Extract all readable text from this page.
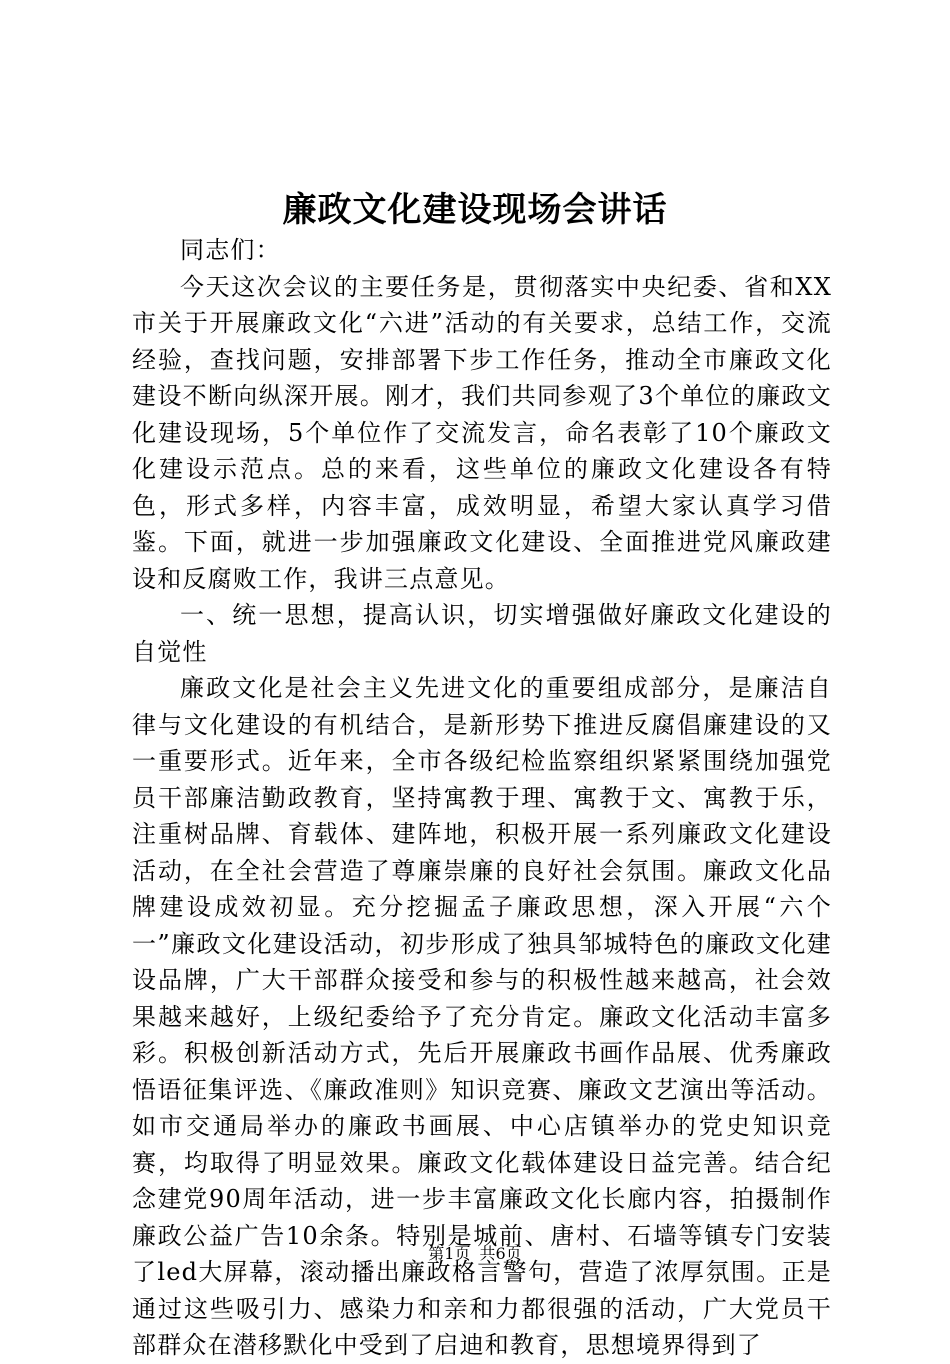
廉政文化建设现场会讲话

同志们：

今天这次会议的主要任务是，贯彻落实中央纪委、省和XX市关于开展廉政文化“六进”活动的有关要求，总结工作，交流经验，查找问题，安排部署下步工作任务，推动全市廉政文化建设不断向纵深开展。刚才，我们共同参观了3个单位的廉政文化建设现场，5个单位作了交流发言，命名表彰了10个廉政文化建设示范点。总的来看，这些单位的廉政文化建设各有特色，形式多样，内容丰富，成效明显，希望大家认真学习借鉴。下面，就进一步加强廉政文化建设、全面推进党风廉政建设和反腐败工作，我讲三点意见。

一、统一思想，提高认识，切实增强做好廉政文化建设的自觉性

廉政文化是社会主义先进文化的重要组成部分，是廉洁自律与文化建设的有机结合，是新形势下推进反腐倡廉建设的又一重要形式。近年来，全市各级纪检监察组织紧紧围绕加强党员干部廉洁勤政教育，坚持寓教于理、寓教于文、寓教于乐，注重树品牌、育载体、建阵地，积极开展一系列廉政文化建设活动，在全社会营造了尊廉崇廉的良好社会氛围。廉政文化品牌建设成效初显。充分挖掘孟子廉政思想，深入开展“六个一”廉政文化建设活动，初步形成了独具邹城特色的廉政文化建设品牌，广大干部群众接受和参与的积极性越来越高，社会效果越来越好，上级纪委给予了充分肯定。廉政文化活动丰富多彩。积极创新活动方式，先后开展廉政书画作品展、优秀廉政悟语征集评选、《廉政准则》知识竞赛、廉政文艺演出等活动。如市交通局举办的廉政书画展、中心店镇举办的党史知识竞赛，均取得了明显效果。廉政文化载体建设日益完善。结合纪念建党90周年活动，进一步丰富廉政文化长廊内容，拍摄制作廉政公益广告10余条。特别是城前、唐村、石墙等镇专门安装了led大屏幕，滚动播出廉政格言警句，营造了浓厚氛围。正是通过这些吸引力、感染力和亲和力都很强的活动，广大党员干部群众在潜移默化中受到了启迪和教育，思想境界得到了

第1页 共6页
